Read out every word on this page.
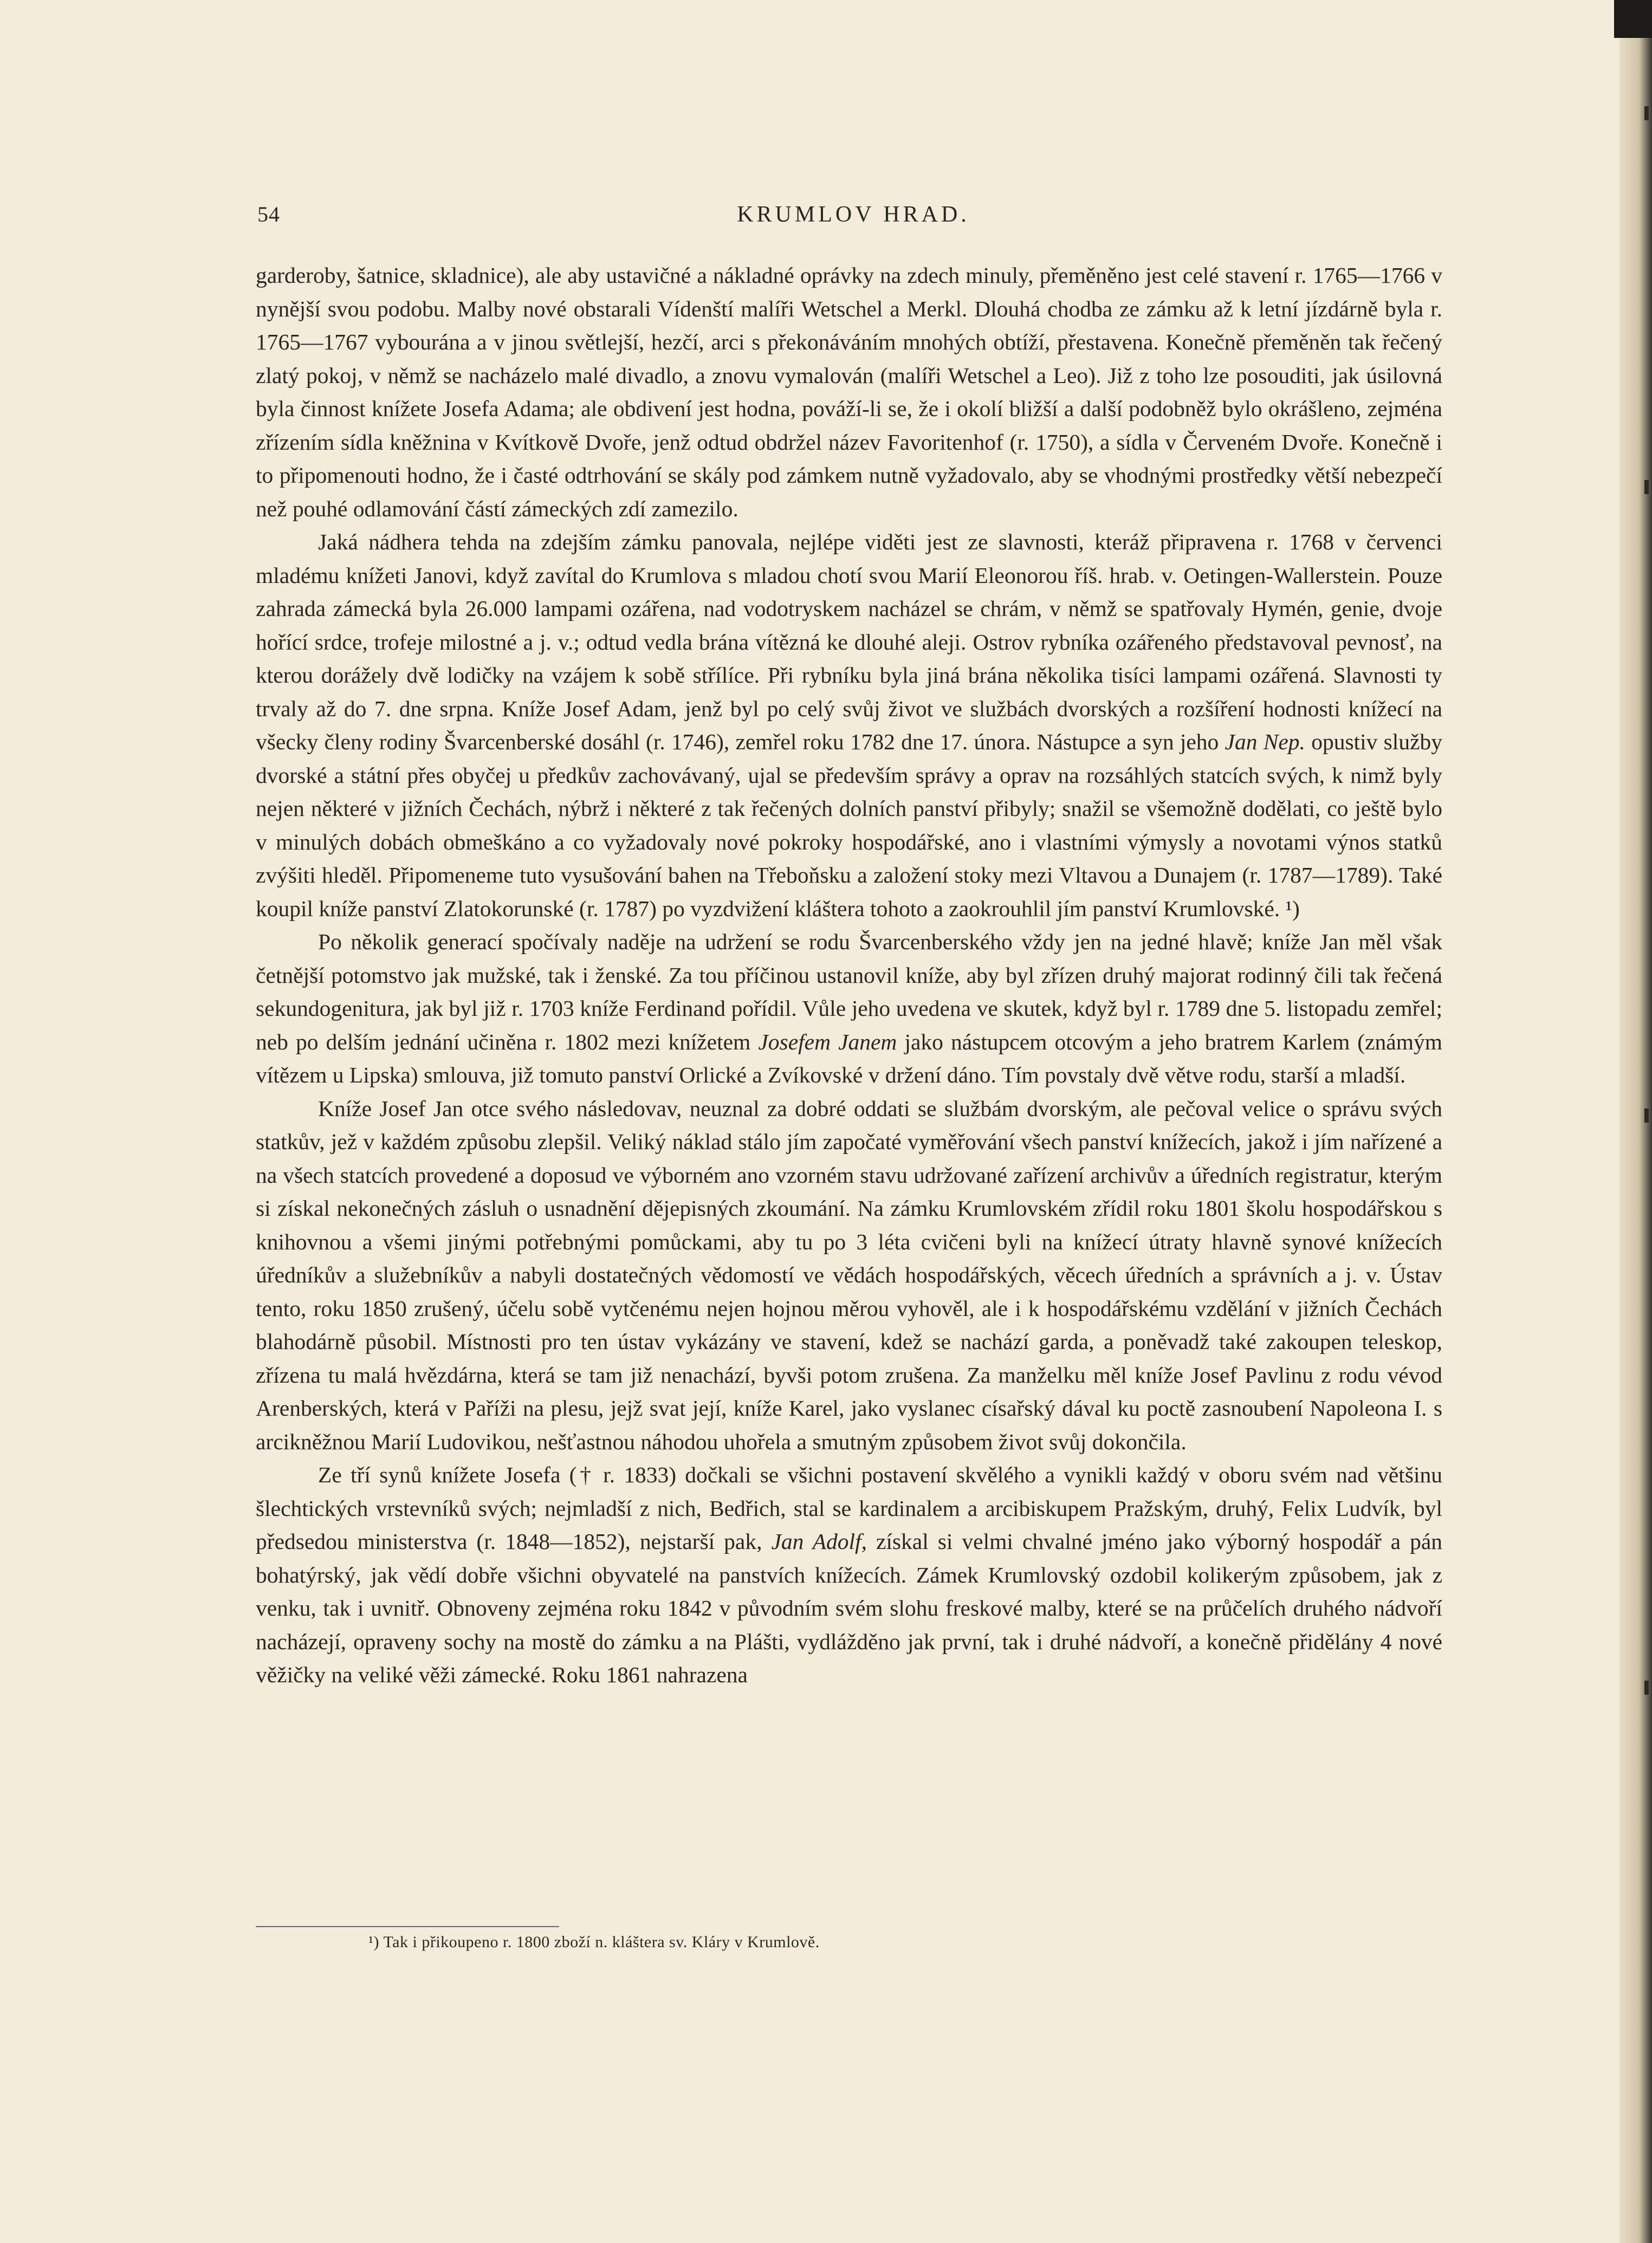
54	KRUMLOV HRAD.

garderoby, šatnice, skladnice), ale aby ustavičné a nákladné oprávky na zdech minuly, přeměněno jest celé stavení r. 1765—1766 v nynější svou podobu. Malby nové obstarali Vídenští malíři Wetschel a Merkl. Dlouhá chodba ze zámku až k letní jízdárně byla r. 1765—1767 vybourána a v jinou světlejší, hezčí, arci s překonáváním mnohých obtíží, přestavena. Konečně přeměněn tak řečený zlatý pokoj, v němž se nacházelo malé divadlo, a znovu vymalován (malíři Wetschel a Leo). Již z toho lze posouditi, jak úsilovná byla činnost knížete Josefa Adama; ale obdivení jest hodna, pováží-li se, že i okolí bližší a další podobněž bylo okrášleno, zejména zřízením sídla kněžnina v Kvítkově Dvoře, jenž odtud obdržel název Favoritenhof (r. 1750), a sídla v Červeném Dvoře. Konečně i to připomenouti hodno, že i časté odtrhování se skály pod zámkem nutně vyžadovalo, aby se vhodnými prostředky větší nebezpečí než pouhé odlamování částí zámeckých zdí zamezilo.

Jaká nádhera tehda na zdejším zámku panovala, nejlépe viděti jest ze slavnosti, kteráž připravena r. 1768 v červenci mladému knížeti Janovi, když zavítal do Krumlova s mladou chotí svou Marií Eleonorou říš. hrab. v. Oetingen-Wallerstein. Pouze zahrada zámecká byla 26.000 lampami ozářena, nad vodotryskem nacházel se chrám, v němž se spatřovaly Hymén, genie, dvoje hořící srdce, trofeje milostné a j. v.; odtud vedla brána vítězná ke dlouhé aleji. Ostrov rybníka ozářeného představoval pevnosť, na kterou dorážely dvě lodičky na vzájem k sobě střílíce. Při rybníku byla jiná brána několika tisíci lampami ozářená. Slavnosti ty trvaly až do 7. dne srpna. Kníže Josef Adam, jenž byl po celý svůj život ve službách dvorských a rozšíření hodnosti knížecí na všecky členy rodiny Švarcenberské dosáhl (r. 1746), zemřel roku 1782 dne 17. února. Nástupce a syn jeho Jan Nep. opustiv služby dvorské a státní přes obyčej u předkův zachovávaný, ujal se především správy a oprav na rozsáhlých statcích svých, k nimž byly nejen některé v jižních Čechách, nýbrž i některé z tak řečených dolních panství přibyly; snažil se všemožně dodělati, co ještě bylo v minulých dobách obmeškáno a co vyžadovaly nové pokroky hospodářské, ano i vlastními výmysly a novotami výnos statků zvýšiti hleděl. Připomeneme tuto vysušování bahen na Třeboňsku a založení stoky mezi Vltavou a Dunajem (r. 1787—1789). Také koupil kníže panství Zlatokorunské (r. 1787) po vyzdvižení kláštera tohoto a zaokrouhlil jím panství Krumlovské. ¹)

Po několik generací spočívaly naděje na udržení se rodu Švarcenberského vždy jen na jedné hlavě; kníže Jan měl však četnější potomstvo jak mužské, tak i ženské. Za tou příčinou ustanovil kníže, aby byl zřízen druhý majorat rodinný čili tak řečená sekundogenitura, jak byl již r. 1703 kníže Ferdinand pořídil. Vůle jeho uvedena ve skutek, když byl r. 1789 dne 5. listopadu zemřel; neb po delším jednání učiněna r. 1802 mezi knížetem Josefem Janem jako nástupcem otcovým a jeho bratrem Karlem (známým vítězem u Lipska) smlouva, již tomuto panství Orlické a Zvíkovské v držení dáno. Tím povstaly dvě větve rodu, starší a mladší.

Kníže Josef Jan otce svého následovav, neuznal za dobré oddati se službám dvorským, ale pečoval velice o správu svých statkův, jež v každém způsobu zlepšil. Veliký náklad stálo jím započaté vyměřování všech panství knížecích, jakož i jím nařízené a na všech statcích provedené a doposud ve výborném ano vzorném stavu udržované zařízení archivův a úředních registratur, kterým si získal nekonečných zásluh o usnadnění dějepisných zkoumání. Na zámku Krumlovském zřídil roku 1801 školu hospodářskou s knihovnou a všemi jinými potřebnými pomůckami, aby tu po 3 léta cvičeni byli na knížecí útraty hlavně synové knížecích úředníkův a služebníkův a nabyli dostatečných vědomostí ve vědách hospodářských, věcech úředních a správních a j. v. Ústav tento, roku 1850 zrušený, účelu sobě vytčenému nejen hojnou měrou vyhověl, ale i k hospodářskému vzdělání v jižních Čechách blahodárně působil. Místnosti pro ten ústav vykázány ve stavení, kdež se nachází garda, a poněvadž také zakoupen teleskop, zřízena tu malá hvězdárna, která se tam již nenachází, byvši potom zrušena. Za manželku měl kníže Josef Pavlinu z rodu vévod Arenberských, která v Paříži na plesu, jejž svat její, kníže Karel, jako vyslanec císařský dával ku poctě zasnoubení Napoleona I. s arcikněžnou Marií Ludovikou, nešťastnou náhodou uhořela a smutným způsobem život svůj dokončila.

Ze tří synů knížete Josefa († r. 1833) dočkali se všichni postavení skvělého a vynikli každý v oboru svém nad většinu šlechtických vrstevníků svých; nejmladší z nich, Bedřich, stal se kardinalem a arcibiskupem Pražským, druhý, Felix Ludvík, byl předsedou ministerstva (r. 1848—1852), nejstarší pak, Jan Adolf, získal si velmi chvalné jméno jako výborný hospodář a pán bohatýrský, jak vědí dobře všichni obyvatelé na panstvích knížecích. Zámek Krumlovský ozdobil kolikerým způsobem, jak z venku, tak i uvnitř. Obnoveny zejména roku 1842 v původním svém slohu freskové malby, které se na průčelích druhého nádvoří nacházejí, opraveny sochy na mostě do zámku a na Plášti, vydlážděno jak první, tak i druhé nádvoří, a konečně přidělány 4 nové věžičky na veliké věži zámecké. Roku 1861 nahrazena

¹) Tak i přikoupeno r. 1800 zboží n. kláštera sv. Kláry v Krumlově.
